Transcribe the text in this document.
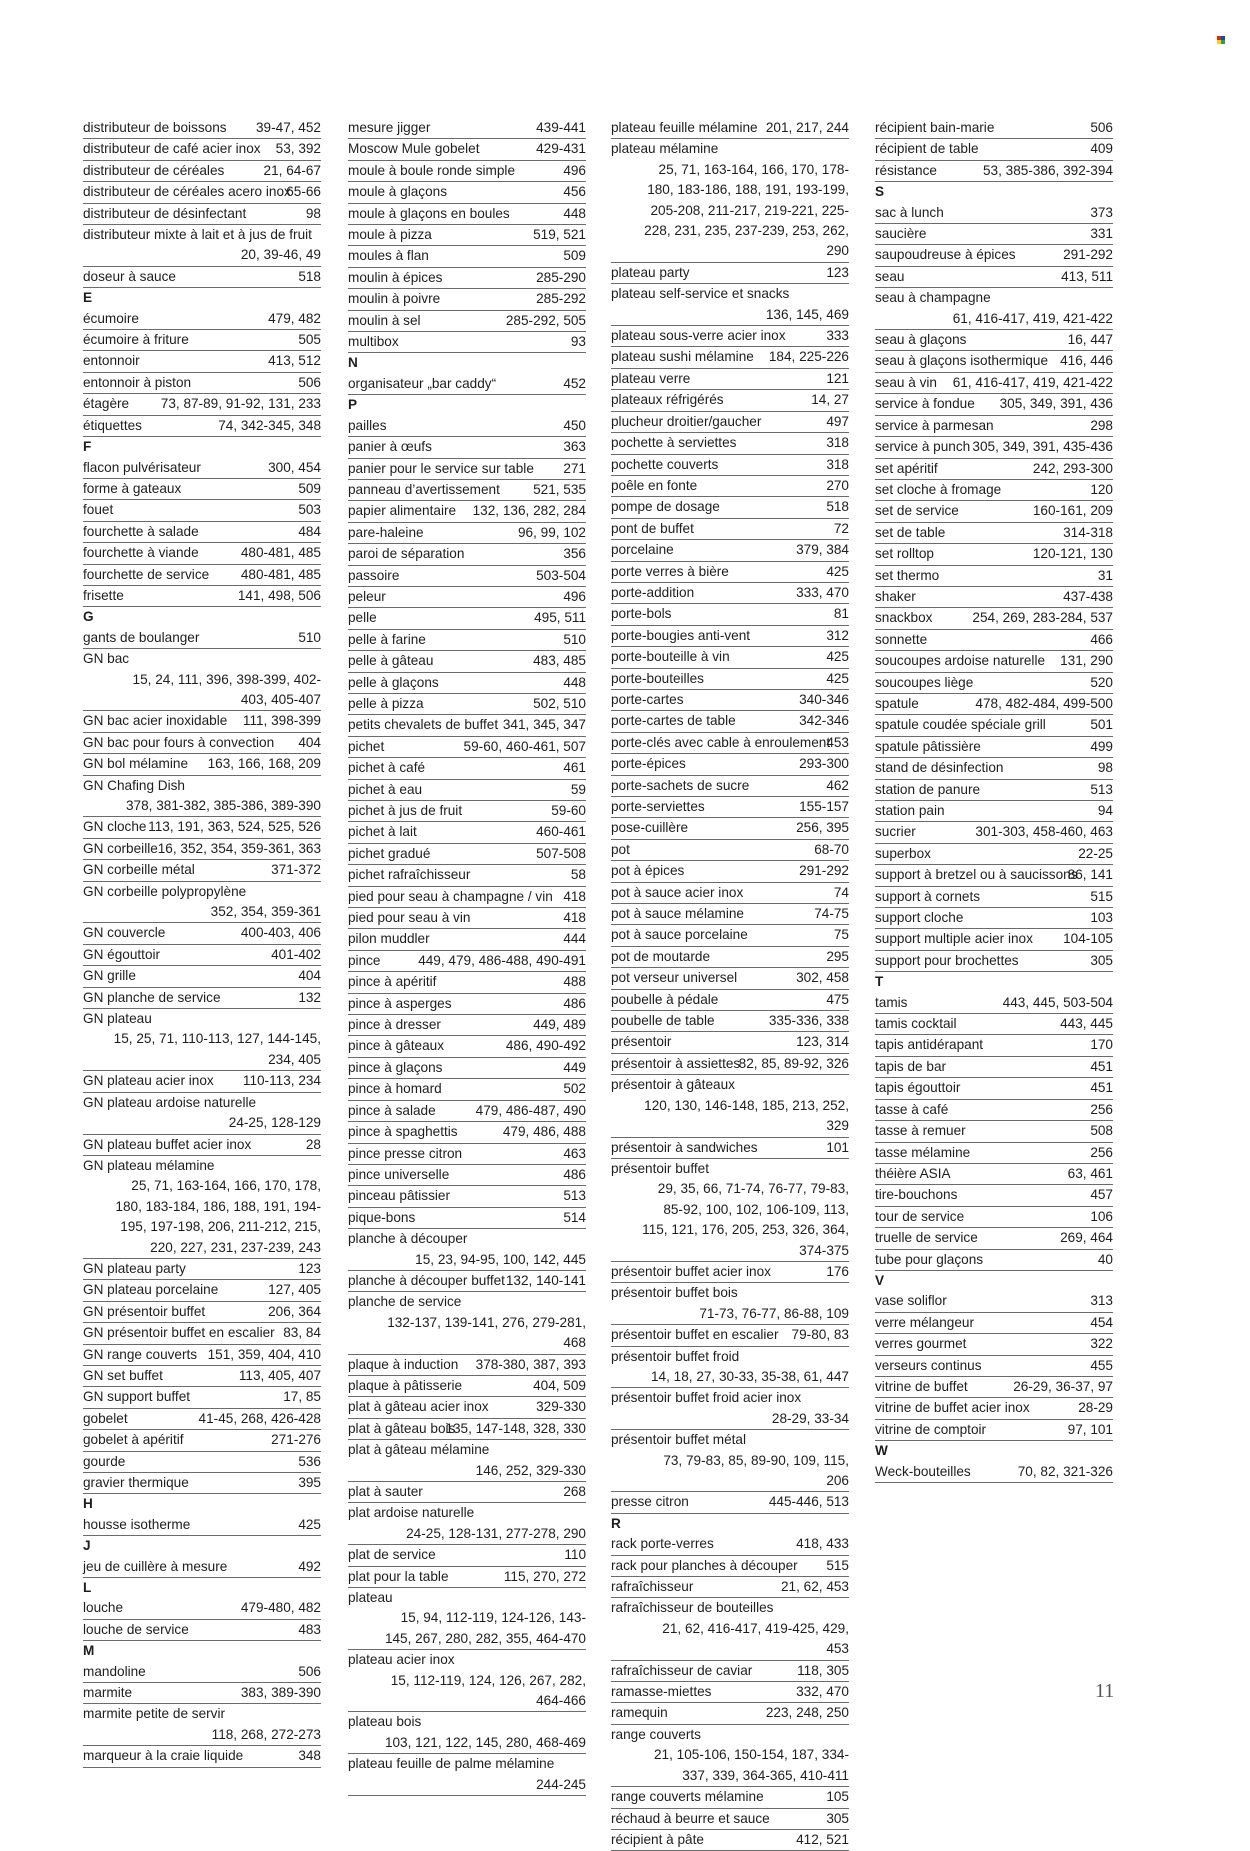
distributeur de boissons 39-47, 452
distributeur de café acier inox 53, 392
distributeur de céréales	21, 64-67
distributeur de céréales acero inox
65-66
distributeur de désinfectant	98
distributeur mixte à lait et à jus de fruit
20, 39-46, 49
doseur à sauce	518
E
écumoire	479, 482
écumoire à friture	505
entonnoir	413, 512
entonnoir à piston	506
étagère 73, 87-89, 91-92, 131, 233
étiquettes	74, 342-345, 348
F
flacon pulvérisateur	300, 454
forme à gateaux	509
fouet	503
fourchette à salade	484
fourchette à viande	480-481, 485
fourchette de service 480-481, 485
frisette	141, 498, 506
G
gants de boulanger	510
GN bac
15, 24, 111, 396, 398-399, 402-403, 405-407
GN bac acier inoxidable 111, 398-399
GN bac pour fours à convection 404
GN bol mélamine 163, 166, 168, 209
GN Chafing Dish
378, 381-382, 385-386, 389-390
GN cloche 113, 191, 363, 524, 525, 526
GN corbeille 16, 352, 354, 359-361, 363
GN corbeille métal	371-372
GN corbeille polypropylène
352, 354, 359-361
GN couvercle	400-403, 406
GN égouttoir	401-402
GN grille	404
GN planche de service	132
GN plateau
15, 25, 71, 110-113, 127, 144-145, 234, 405
GN plateau acier inox 110-113, 234
GN plateau ardoise naturelle
24-25, 128-129
GN plateau buffet acier inox	28
GN plateau mélamine
25, 71, 163-164, 166, 170, 178, 180, 183-184, 186, 188, 191, 194-195, 197-198, 206, 211-212, 215, 220, 227, 231, 237-239, 243
GN plateau party	123
GN plateau porcelaine	127, 405
GN présentoir buffet	206, 364
GN présentoir buffet en escalier 83, 84
GN range couverts 151, 359, 404, 410
GN set buffet	113, 405, 407
GN support buffet	17, 85
gobelet	41-45, 268, 426-428
gobelet à apéritif	271-276
gourde	536
gravier thermique	395
H
housse isotherme	425
J
jeu de cuillère à mesure	492
L
louche	479-480, 482
louche de service	483
M
mandoline	506
marmite	383, 389-390
marmite petite de servir
118, 268, 272-273
marqueur à la craie liquide	348
mesure jigger	439-441
Moscow Mule gobelet	429-431
moule à boule ronde simple	496
moule à glaçons	456
moule à glaçons en boules	448
moule à pizza	519, 521
moules à flan	509
moulin à épices	285-290
moulin à poivre	285-292
moulin à sel	285-292, 505
multibox	93
N
organisateur „bar caddy“	452
P
pailles	450
panier à œufs	363
panier pour le service sur table 271
panneau d’avertissement 521, 535
papier alimentaire 132, 136, 282, 284
pare-haleine	96, 99, 102
paroi de séparation	356
passoire	503-504
peleur	496
pelle	495, 511
pelle à farine	510
pelle à gâteau	483, 485
pelle à glaçons	448
pelle à pizza	502, 510
petits chevalets de buffet 341, 345, 347
pichet	59-60, 460-461, 507
pichet à café	461
pichet à eau	59
pichet à jus de fruit	59-60
pichet à lait	460-461
pichet gradué	507-508
pichet rafraîchisseur	58
pied pour seau à champagne / vin 418
pied pour seau à vin	418
pilon muddler	444
pince	449, 479, 486-488, 490-491
pince à apéritif	488
pince à asperges	486
pince à dresser	449, 489
pince à gâteaux	486, 490-492
pince à glaçons	449
pince à homard	502
pince à salade	479, 486-487, 490
pince à spaghettis	479, 486, 488
pince presse citron	463
pince universelle	486
pinceau pâtissier	513
pique-bons	514
planche à découper
15, 23, 94-95, 100, 142, 445
planche à découper buffet 132, 140-141
planche de service
132-137, 139-141, 276, 279-281, 468
plaque à induction 378-380, 387, 393
plaque à pâtisserie	404, 509
plat à gâteau acier inox	329-330
plat à gâteau bois
135, 147-148, 328, 330
plat à gâteau mélamine
146, 252, 329-330
plat à sauter	268
plat ardoise naturelle
24-25, 128-131, 277-278, 290
plat de service	110
plat pour la table	115, 270, 272
plateau
15, 94, 112-119, 124-126, 143-145, 267, 280, 282, 355, 464-470
plateau acier inox
15, 112-119, 124, 126, 267, 282, 464-466
plateau bois
103, 121, 122, 145, 280, 468-469
plateau feuille de palme mélamine
244-245
plateau feuille mélamine 201, 217, 244
plateau mélamine
25, 71, 163-164, 166, 170, 178-180, 183-186, 188, 191, 193-199, 205-208, 211-217, 219-221, 225-228, 231, 235, 237-239, 253, 262, 290
plateau party	123
plateau self-service et snacks
136, 145, 469
plateau sous-verre acier inox	333
plateau sushi mélamine 184, 225-226
plateau verre	121
plateaux réfrigérés	14, 27
plucheur droitier/gaucher	497
pochette à serviettes	318
pochette couverts	318
poêle en fonte	270
pompe de dosage	518
pont de buffet	72
porcelaine	379, 384
porte verres à bière	425
porte-addition	333, 470
porte-bols	81
porte-bougies anti-vent	312
porte-bouteille à vin	425
porte-bouteilles	425
porte-cartes	340-346
porte-cartes de table	342-346
porte-clés avec cable à enroulement
453
porte-épices	293-300
porte-sachets de sucre	462
porte-serviettes	155-157
pose-cuillère	256, 395
pot	68-70
pot à épices	291-292
pot à sauce acier inox	74
pot à sauce mélamine	74-75
pot à sauce porcelaine	75
pot de moutarde	295
pot verseur universel	302, 458
poubelle à pédale	475
poubelle de table	335-336, 338
présentoir	123, 314
présentoir à assiettes
82, 85, 89-92, 326
présentoir à gâteaux
120, 130, 146-148, 185, 213, 252, 329
présentoir à sandwiches	101
présentoir buffet
29, 35, 66, 71-74, 76-77, 79-83, 85-92, 100, 102, 106-109, 113, 115, 121, 176, 205, 253, 326, 364, 374-375
présentoir buffet acier inox	176
présentoir buffet bois
71-73, 76-77, 86-88, 109
présentoir buffet en escalier 79-80, 83
présentoir buffet froid
14, 18, 27, 30-33, 35-38, 61, 447
présentoir buffet froid acier inox
28-29, 33-34
présentoir buffet métal
73, 79-83, 85, 89-90, 109, 115, 206
presse citron	445-446, 513
R
rack porte-verres	418, 433
rack pour planches à découper 515
rafraîchisseur	21, 62, 453
rafraîchisseur de bouteilles
21, 62, 416-417, 419-425, 429, 453
rafraîchisseur de caviar	118, 305
ramasse-miettes	332, 470
ramequin	223, 248, 250
range couverts
21, 105-106, 150-154, 187, 334-337, 339, 364-365, 410-411
range couverts mélamine	105
réchaud à beurre et sauce	305
récipient à pâte	412, 521
récipient bain-marie	506
récipient de table	409
résistance	53, 385-386, 392-394
S
sac à lunch	373
saucière	331
saupoudreuse à épices	291-292
seau	413, 511
seau à champagne
61, 416-417, 419, 421-422
seau à glaçons	16, 447
seau à glaçons isothermique 416, 446
seau à vin 61, 416-417, 419, 421-422
service à fondue 305, 349, 391, 436
service à parmesan	298
service à punch 305, 349, 391, 435-436
set apéritif	242, 293-300
set cloche à fromage	120
set de service	160-161, 209
set de table	314-318
set rolltop	120-121, 130
set thermo	31
shaker	437-438
snackbox	254, 269, 283-284, 537
sonnette	466
soucoupes ardoise naturelle 131, 290
soucoupes liège	520
spatule	478, 482-484, 499-500
spatule coudée spéciale grill	501
spatule pâtissière	499
stand de désinfection	98
station de panure	513
station pain	94
sucrier	301-303, 458-460, 463
superbox	22-25
support à bretzel ou à saucissons
86, 141
support à cornets	515
support cloche	103
support multiple acier inox 104-105
support pour brochettes	305
T
tamis	443, 445, 503-504
tamis cocktail	443, 445
tapis antidérapant	170
tapis de bar	451
tapis égouttoir	451
tasse à café	256
tasse à remuer	508
tasse mélamine	256
théière ASIA	63, 461
tire-bouchons	457
tour de service	106
truelle de service	269, 464
tube pour glaçons	40
V
vase soliflor	313
verre mélangeur	454
verres gourmet	322
verseurs continus	455
vitrine de buffet	26-29, 36-37, 97
vitrine de buffet acier inox	28-29
vitrine de comptoir	97, 101
W
Weck-bouteilles	70, 82, 321-326
11
